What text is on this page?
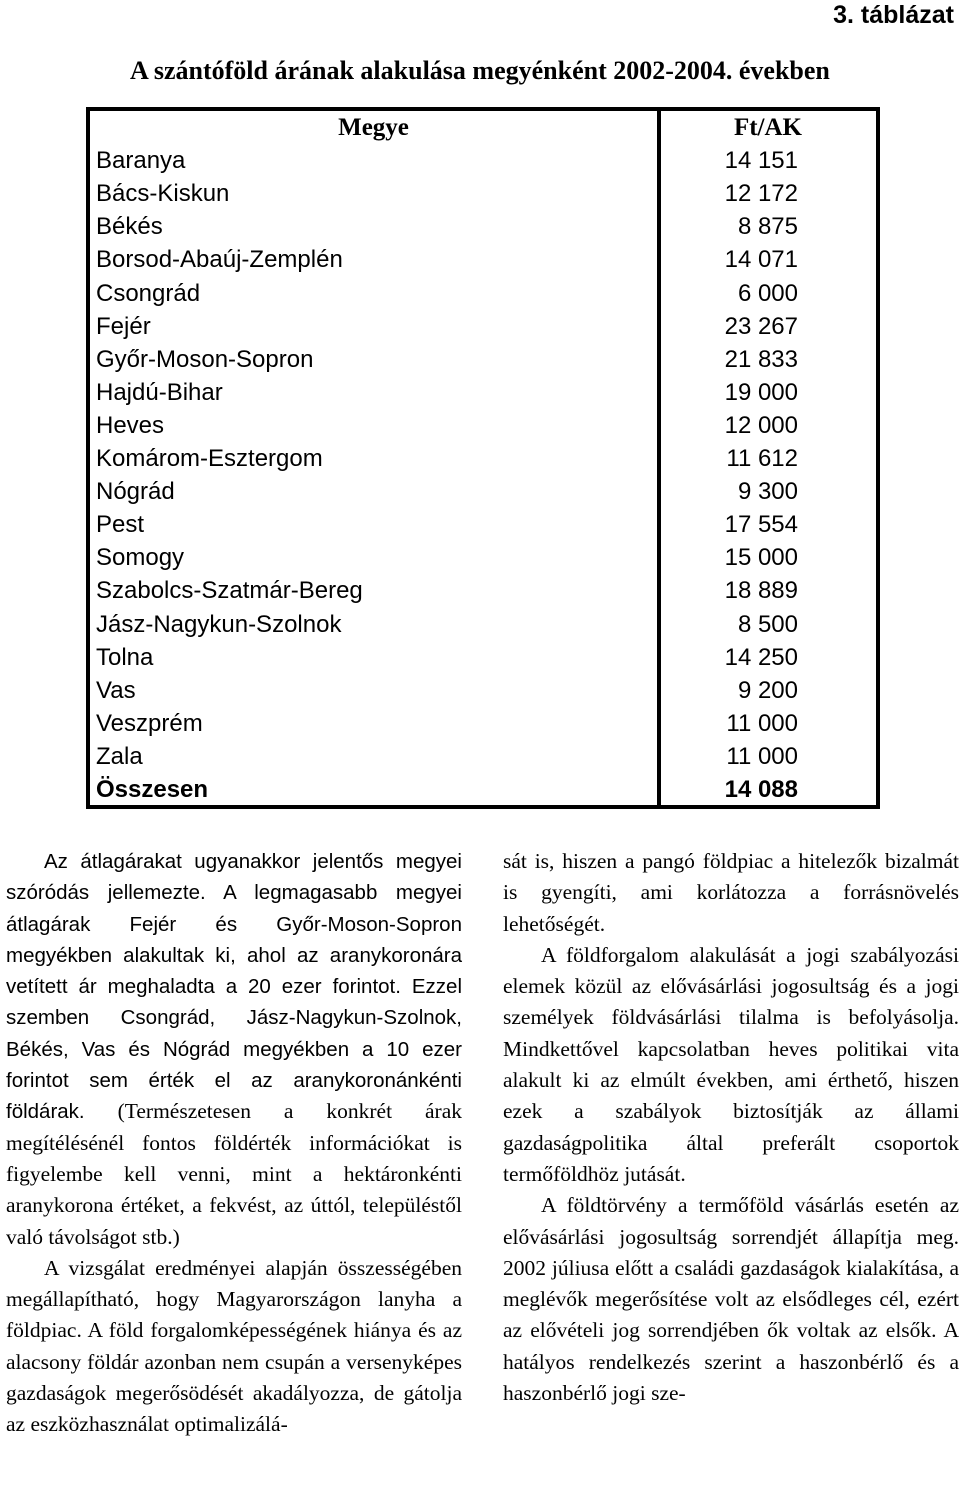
3. táblázat
A szántóföld árának alakulása megyénként 2002-2004. években
Megye	Ft/AK
Baranya	14 151
Bács-Kiskun	12 172
Békés	8 875
Borsod-Abaúj-Zemplén	14 071
Csongrád	6 000
Fejér	23 267
Győr-Moson-Sopron	21 833
Hajdú-Bihar	19 000
Heves	12 000
Komárom-Esztergom	11 612
Nógrád	9 300
Pest	17 554
Somogy	15 000
Szabolcs-Szatmár-Bereg	18 889
Jász-Nagykun-Szolnok	8 500
Tolna	14 250
Vas	9 200
Veszprém	11 000
Zala	11 000
Összesen	14 088

Az átlagárakat ugyanakkor jelentős megyei szóródás jellemezte. A legmagasabb megyei átlagárak Fejér és Győr-Moson-Sopron megyékben alakultak ki, ahol az aranykoronára vetített ár meghaladta a 20 ezer forintot. Ezzel szemben Csongrád, Jász-Nagykun-Szolnok, Békés, Vas és Nógrád megyékben a 10 ezer forintot sem érték el az aranykoronánkénti földárak. (Természetesen a konkrét árak megítélésénél fontos földérték információkat is figyelembe kell venni, mint a hektáronkénti aranykorona értéket, a fekvést, az úttól, településtől való távolságot stb.)

A vizsgálat eredményei alapján összességében megállapítható, hogy Magyarországon lanyha a földpiac. A föld forgalomképességének hiánya és az alacsony földár azonban nem csupán a versenyképes gazdaságok megerősödését akadályozza, de gátolja az eszközhasználat optimalizálá-

sát is, hiszen a pangó földpiac a hitelezők bizalmát is gyengíti, ami korlátozza a forrásnövelés lehetőségét.

A földforgalom alakulását a jogi szabályozási elemek közül az elővásárlási jogosultság és a jogi személyek földvásárlási tilalma is befolyásolja. Mindkettővel kapcsolatban heves politikai vita alakult ki az elmúlt években, ami érthető, hiszen ezek a szabályok biztosítják az állami gazdaságpolitika által preferált csoportok termőföldhöz jutását.

A földtörvény a termőföld vásárlás esetén az elővásárlási jogosultság sorrendjét állapítja meg. 2002 júliusa előtt a családi gazdaságok kialakítása, a meglévők megerősítése volt az elsődleges cél, ezért az elővételi jog sorrendjében ők voltak az elsők. A hatályos rendelkezés szerint a haszonbérlő és a haszonbérlő jogi sze-
